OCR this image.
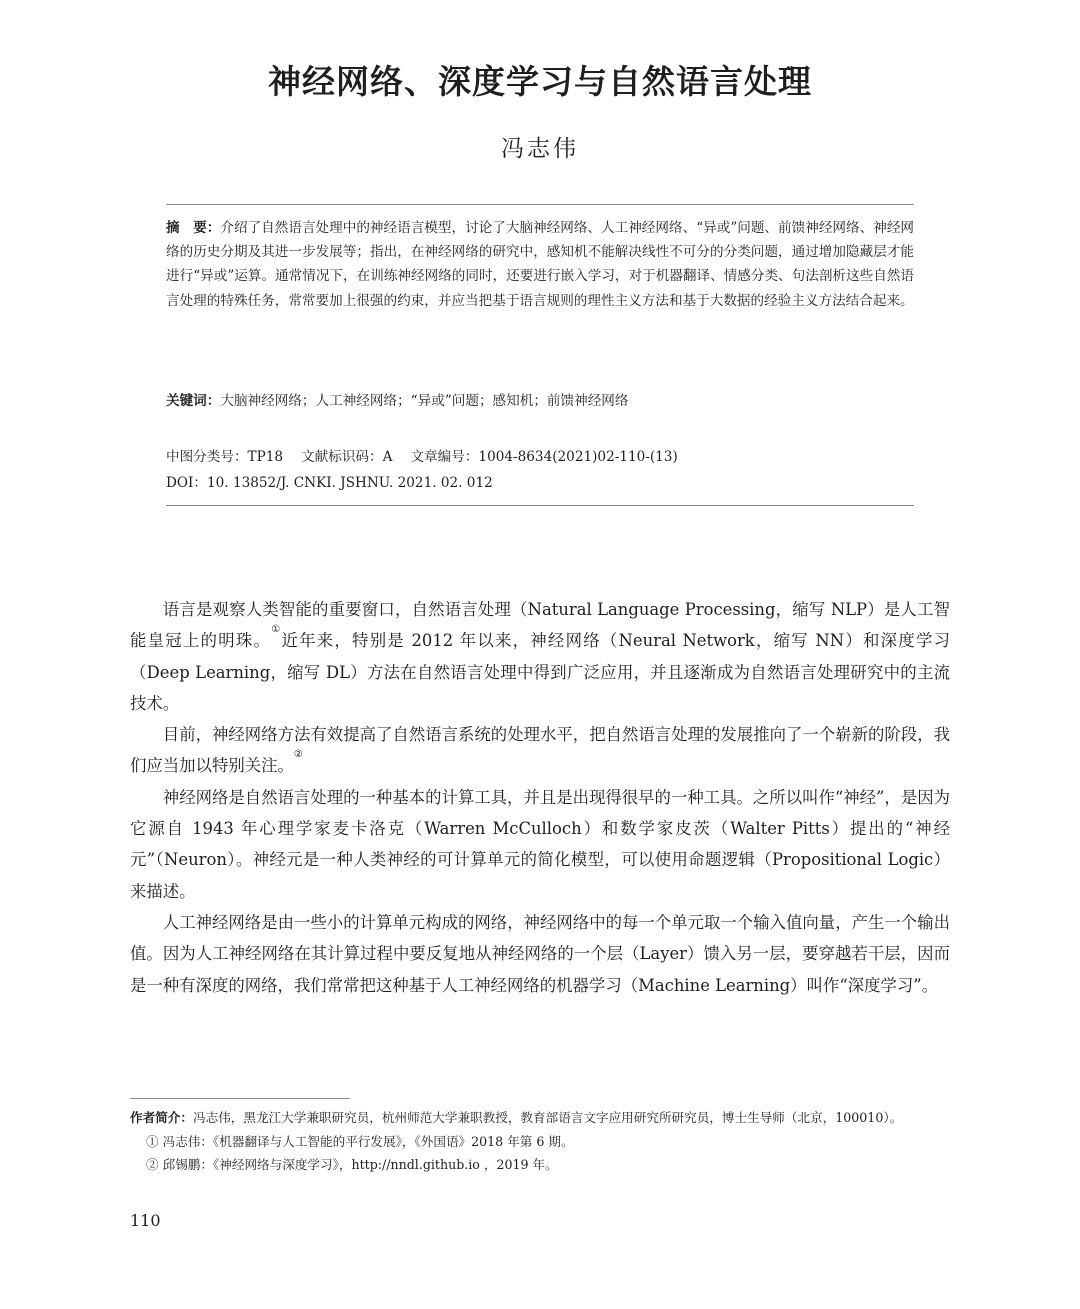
神经网络、深度学习与自然语言处理
冯志伟
摘　要：介绍了自然语言处理中的神经语言模型，讨论了大脑神经网络、人工神经网络、“异或”问题、前馈神经网络、神经网络的历史分期及其进一步发展等；指出，在神经网络的研究中，感知机不能解决线性不可分的分类问题，通过增加隐藏层才能进行“异或”运算。通常情况下，在训练神经网络的同时，还要进行嵌入学习，对于机器翻译、情感分类、句法剖析这些自然语言处理的特殊任务，常常要加上很强的约束，并应当把基于语言规则的理性主义方法和基于大数据的经验主义方法结合起来。
关键词：大脑神经网络；人工神经网络；“异或”问题；感知机；前馈神经网络
中图分类号：TP18 文献标识码：A 文章编号：1004-8634(2021)02-110-(13)
DOI：10. 13852/J. CNKI. JSHNU. 2021. 02. 012

语言是观察人类智能的重要窗口，自然语言处理（Natural Language Processing，缩写 NLP）是人工智能皇冠上的明珠。①近年来，特别是 2012 年以来，神经网络（Neural Network，缩写 NN）和深度学习（Deep Learning，缩写 DL）方法在自然语言处理中得到广泛应用，并且逐渐成为自然语言处理研究中的主流技术。

目前，神经网络方法有效提高了自然语言系统的处理水平，把自然语言处理的发展推向了一个崭新的阶段，我们应当加以特别关注。②

神经网络是自然语言处理的一种基本的计算工具，并且是出现得很早的一种工具。之所以叫作“神经”，是因为它源自 1943 年心理学家麦卡洛克（Warren McCulloch）和数学家皮茨（Walter Pitts）提出的“神经元”（Neuron）。神经元是一种人类神经的可计算单元的简化模型，可以使用命题逻辑（Propositional Logic）来描述。

人工神经网络是由一些小的计算单元构成的网络，神经网络中的每一个单元取一个输入值向量，产生一个输出值。因为人工神经网络在其计算过程中要反复地从神经网络的一个层（Layer）馈入另一层，要穿越若干层，因而是一种有深度的网络，我们常常把这种基于人工神经网络的机器学习（Machine Learning）叫作“深度学习”。

作者简介：冯志伟，黑龙江大学兼职研究员，杭州师范大学兼职教授，教育部语言文字应用研究所研究员，博士生导师（北京，100010）。
① 冯志伟：《机器翻译与人工智能的平行发展》，《外国语》2018 年第 6 期。
② 邱锡鹏：《神经网络与深度学习》，http://nndl.github.io ，2019 年。
110
